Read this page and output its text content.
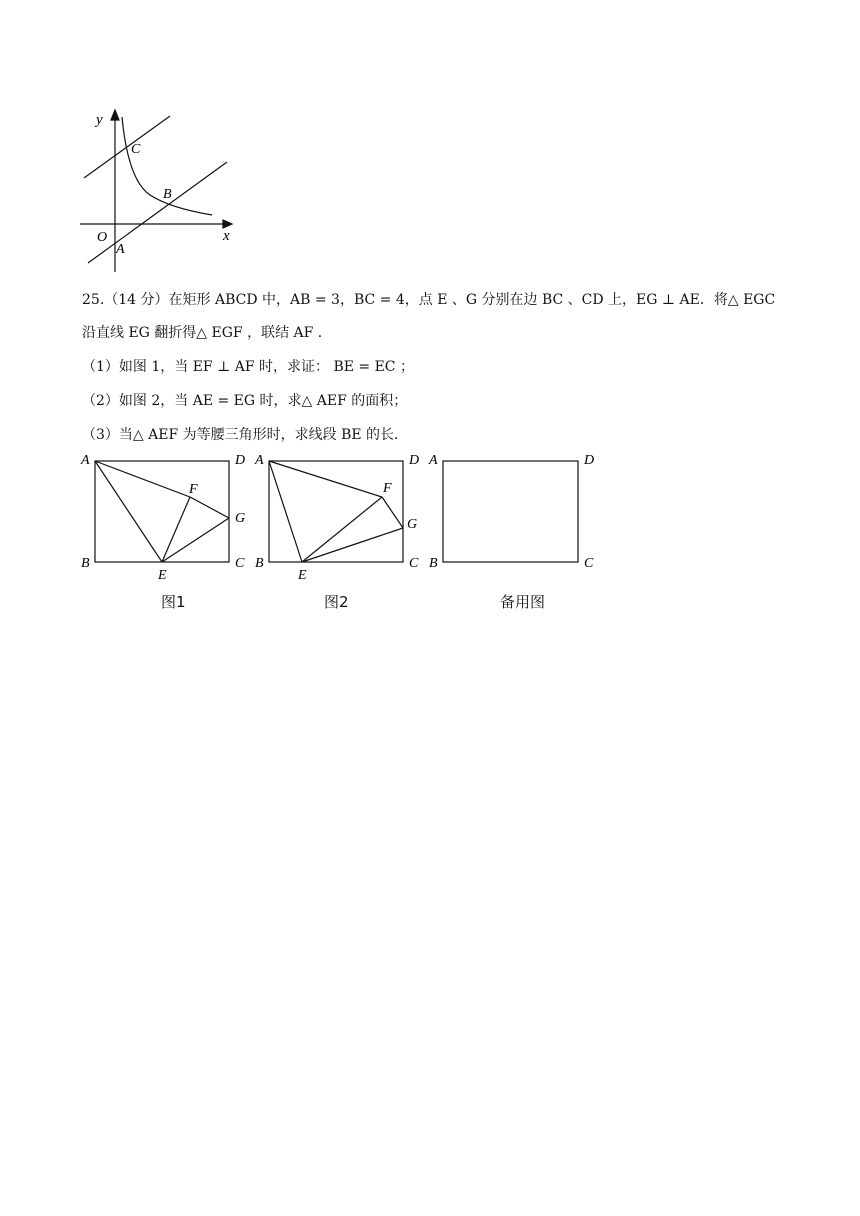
y
x
O
A
B
C
25.（14 分）在矩形 ABCD 中，AB = 3，BC = 4，点 E 、G 分别在边 BC 、CD 上，EG ⊥ AE．将△ EGC
沿直线 EG 翻折得△ EGF ，联结 AF ．
（1）如图 1，当 EF ⊥ AF 时，求证： BE = EC ；
（2）如图 2，当 AE = EG 时，求△ AEF 的面积；
（3）当△ AEF 为等腰三角形时，求线段 BE 的长．
A	D
B	C
E
F
G
图1
A	D
B	C
E
F
G
图2
A	D
B	C
备用图
